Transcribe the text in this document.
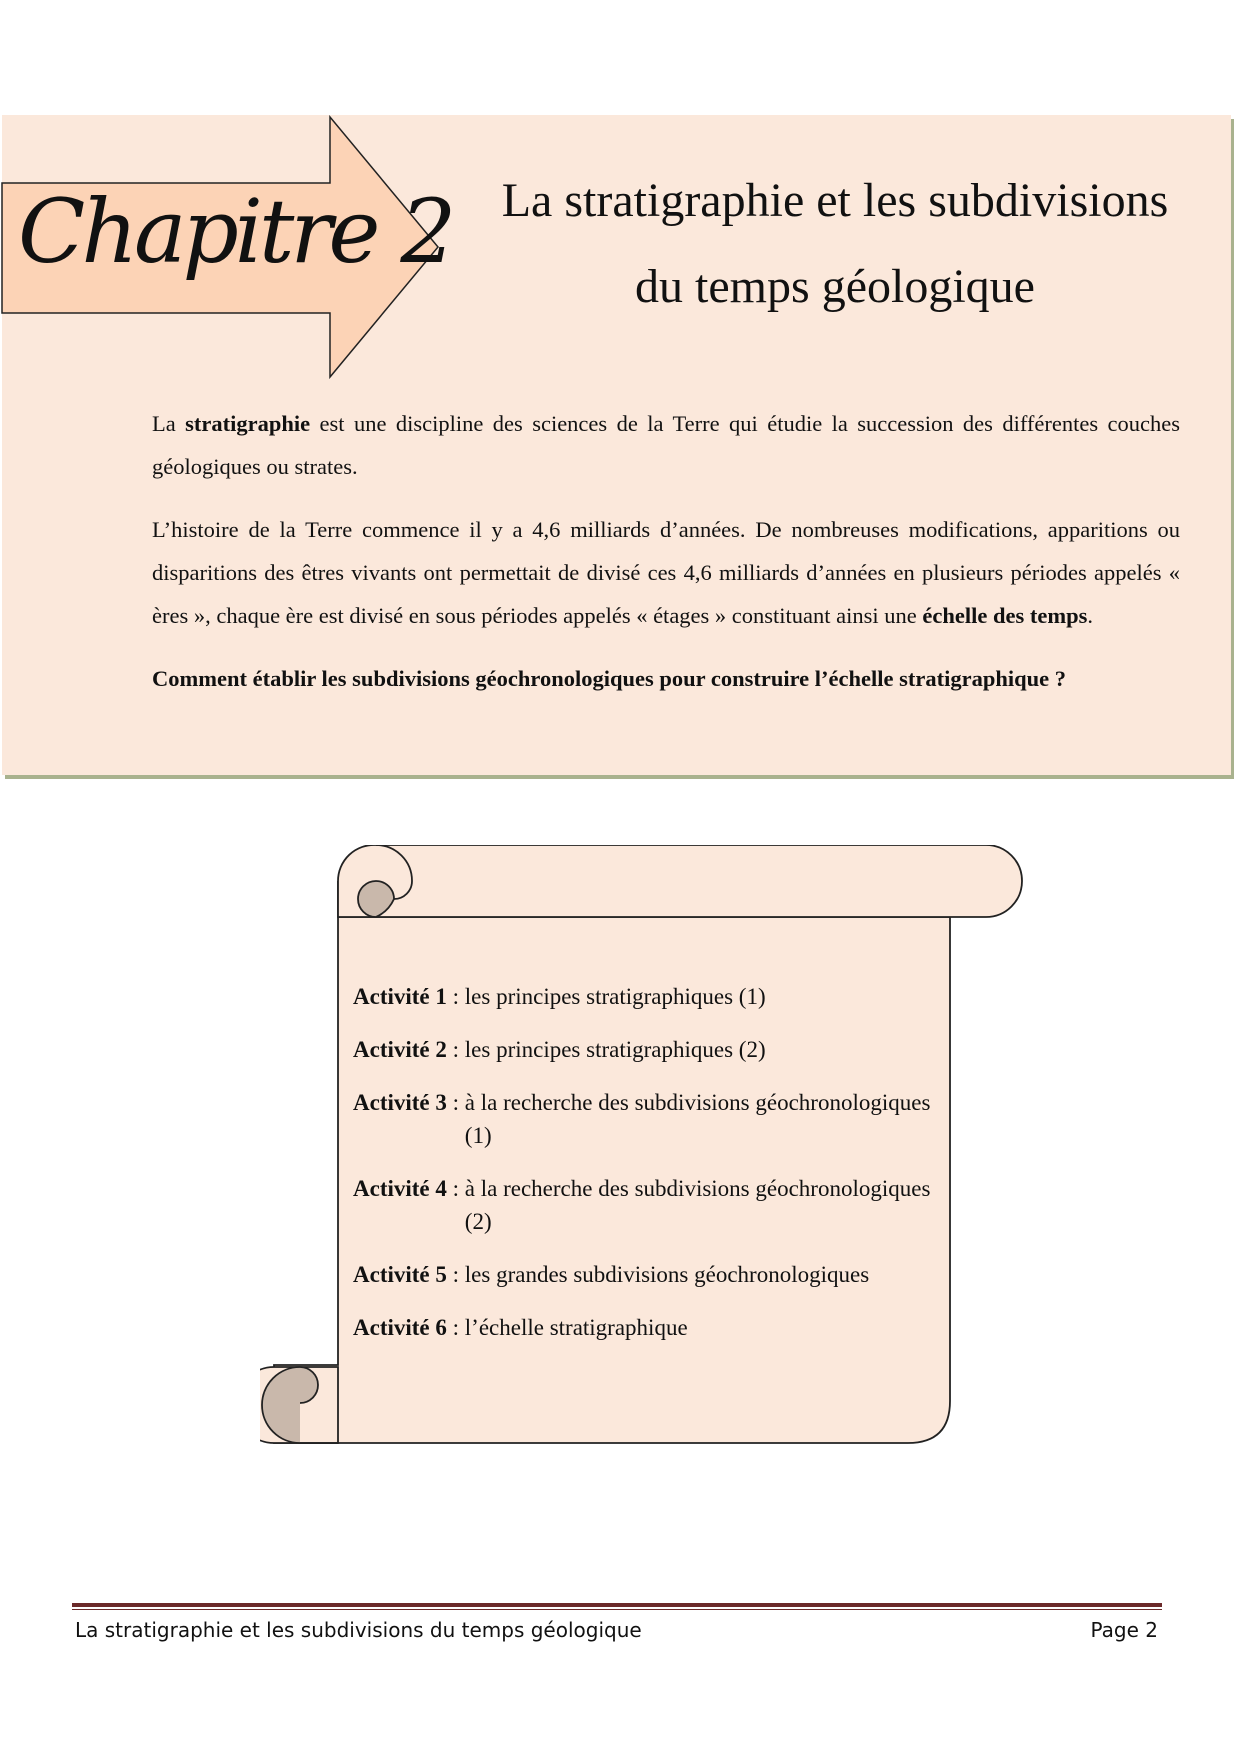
Chapitre 2	La stratigraphie et les subdivisions
du temps géologique

La stratigraphie est une discipline des sciences de la Terre qui étudie la succession des différentes couches géologiques ou strates.

L’histoire de la Terre commence il y a 4,6 milliards d’années. De nombreuses modifications, apparitions ou disparitions des êtres vivants ont permettait de divisé ces 4,6 milliards d’années en plusieurs périodes appelés « ères », chaque ère est divisé en sous périodes appelés « étages » constituant ainsi une échelle des temps.

Comment établir les subdivisions géochronologiques pour construire l’échelle stratigraphique ?

Activité 1 : les principes stratigraphiques (1)
Activité 2 : les principes stratigraphiques (2)
Activité 3 : à la recherche des subdivisions géochronologiques (1)
Activité 4 : à la recherche des subdivisions géochronologiques (2)
Activité 5 : les grandes subdivisions géochronologiques
Activité 6 : l’échelle stratigraphique
La stratigraphie et les subdivisions du temps géologique	Page 2
